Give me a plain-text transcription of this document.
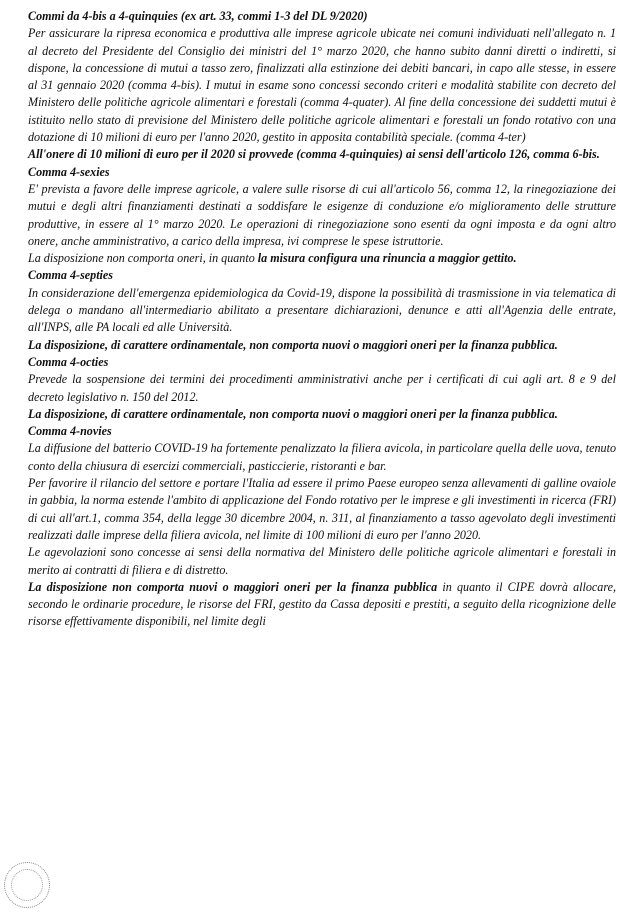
Commi da 4-bis a 4-quinquies (ex art. 33, commi 1-3 del DL 9/2020)

Per assicurare la ripresa economica e produttiva alle imprese agricole ubicate nei comuni individuati nell'allegato n. 1 al decreto del Presidente del Consiglio dei ministri del 1° marzo 2020, che hanno subito danni diretti o indiretti, si dispone, la concessione di mutui a tasso zero, finalizzati alla estinzione dei debiti bancari, in capo alle stesse, in essere al 31 gennaio 2020 (comma 4-bis). I mutui in esame sono concessi secondo criteri e modalità stabilite con decreto del Ministero delle politiche agricole alimentari e forestali (comma 4-quater). Al fine della concessione dei suddetti mutui è istituito nello stato di previsione del Ministero delle politiche agricole alimentari e forestali un fondo rotativo con una dotazione di 10 milioni di euro per l'anno 2020, gestito in apposita contabilità speciale. (comma 4-ter)

All'onere di 10 milioni di euro per il 2020 si provvede (comma 4-quinquies) ai sensi dell'articolo 126, comma 6-bis.

Comma 4-sexies

E' prevista a favore delle imprese agricole, a valere sulle risorse di cui all'articolo 56, comma 12, la rinegoziazione dei mutui e degli altri finanziamenti destinati a soddisfare le esigenze di conduzione e/o miglioramento delle strutture produttive, in essere al 1° marzo 2020. Le operazioni di rinegoziazione sono esenti da ogni imposta e da ogni altro onere, anche amministrativo, a carico della impresa, ivi comprese le spese istruttorie.

La disposizione non comporta oneri, in quanto la misura configura una rinuncia a maggior gettito.

Comma 4-septies

In considerazione dell'emergenza epidemiologica da Covid-19, dispone la possibilità di trasmissione in via telematica di delega o mandano all'intermediario abilitato a presentare dichiarazioni, denunce e atti all'Agenzia delle entrate, all'INPS, alle PA locali ed alle Università.

La disposizione, di carattere ordinamentale, non comporta nuovi o maggiori oneri per la finanza pubblica.

Comma 4-octies

Prevede la sospensione dei termini dei procedimenti amministrativi anche per i certificati di cui agli art. 8 e 9 del decreto legislativo n. 150 del 2012.

La disposizione, di carattere ordinamentale, non comporta nuovi o maggiori oneri per la finanza pubblica.

Comma 4-novies

La diffusione del batterio COVID-19 ha fortemente penalizzato la filiera avicola, in particolare quella delle uova, tenuto conto della chiusura di esercizi commerciali, pasticcierie, ristoranti e bar.

Per favorire il rilancio del settore e portare l'Italia ad essere il primo Paese europeo senza allevamenti di galline ovaiole in gabbia, la norma estende l'ambito di applicazione del Fondo rotativo per le imprese e gli investimenti in ricerca (FRI) di cui all'art.1, comma 354, della legge 30 dicembre 2004, n. 311, al finanziamento a tasso agevolato degli investimenti realizzati dalle imprese della filiera avicola, nel limite di 100 milioni di euro per l'anno 2020.

Le agevolazioni sono concesse ai sensi della normativa del Ministero delle politiche agricole alimentari e forestali in merito ai contratti di filiera e di distretto.

La disposizione non comporta nuovi o maggiori oneri per la finanza pubblica in quanto il CIPE dovrà allocare, secondo le ordinarie procedure, le risorse del FRI, gestito da Cassa depositi e prestiti, a seguito della ricognizione delle risorse effettivamente disponibili, nel limite degli
